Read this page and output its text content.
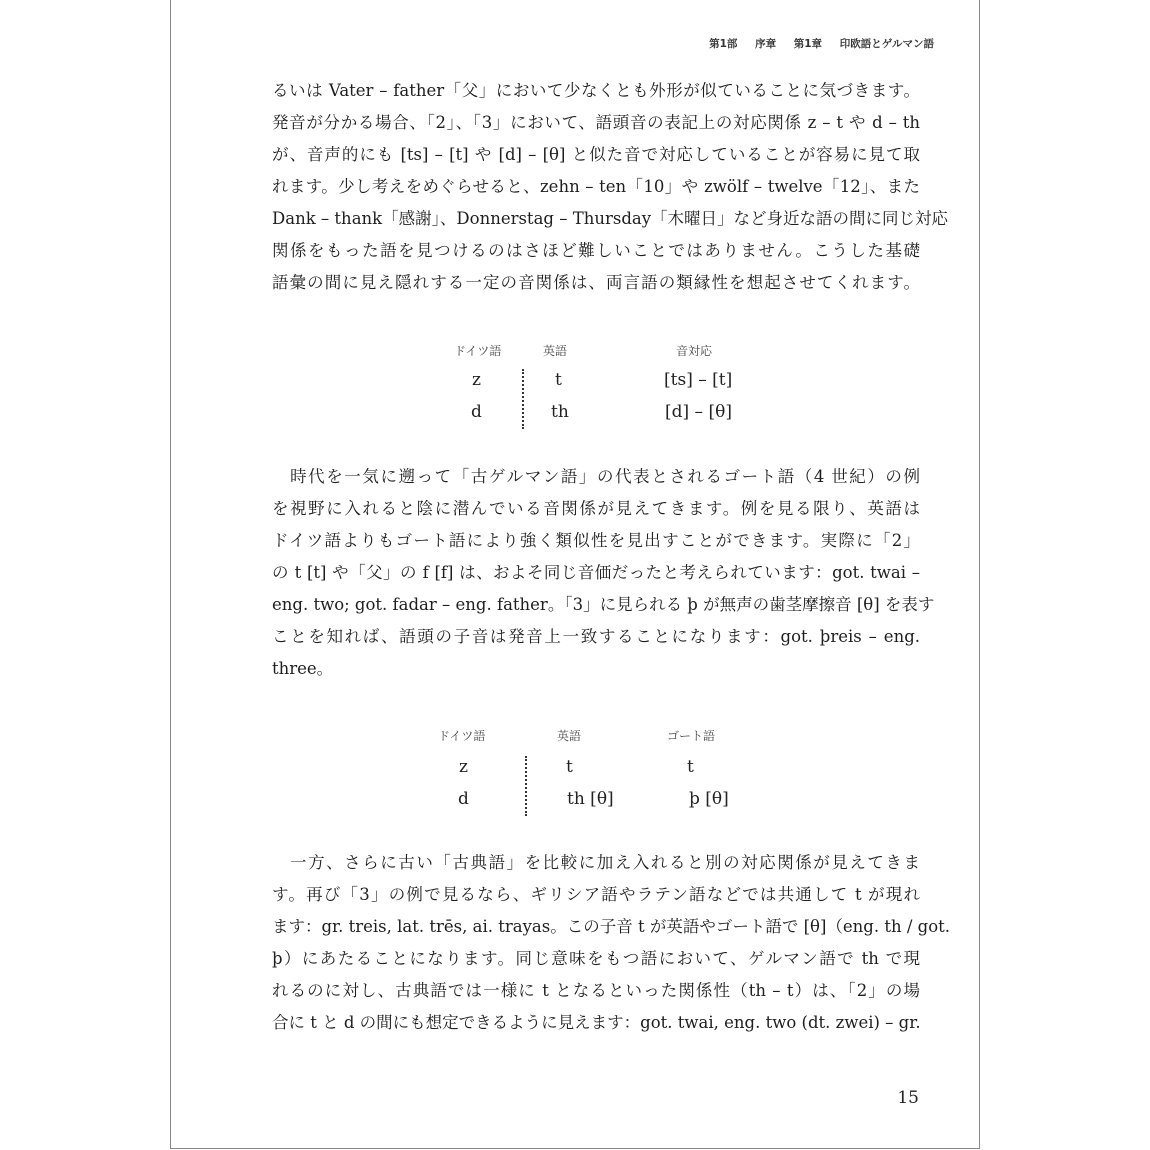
第1部 序章 第1章 印欧語とゲルマン語
るいは Vater – father「父」において少なくとも外形が似ていることに気づきます。
発音が分かる場合、「2」、「3」において、語頭音の表記上の対応関係 z – t や d – th
が、音声的にも [ts] – [t] や [d] – [θ] と似た音で対応していることが容易に見て取
れます。少し考えをめぐらせると、zehn – ten「10」や zwölf – twelve「12」、また
Dank – thank「感謝」、Donnerstag – Thursday「木曜日」など身近な語の間に同じ対応
関係をもった語を見つけるのはさほど難しいことではありません。こうした基礎
語彙の間に見え隠れする一定の音関係は、両言語の類縁性を想起させてくれます。
ドイツ語	英語	音対応
z	t	[ts] – [t]
d	th	[d] – [θ]
　時代を一気に遡って「古ゲルマン語」の代表とされるゴート語（4 世紀）の例
を視野に入れると陰に潜んでいる音関係が見えてきます。例を見る限り、英語は
ドイツ語よりもゴート語により強く類似性を見出すことができます。実際に「2」
の t [t] や「父」の f [f] は、およそ同じ音価だったと考えられています：got. twai –
eng. two; got. fadar – eng. father。「3」に見られる þ が無声の歯茎摩擦音 [θ] を表す
ことを知れば、語頭の子音は発音上一致することになります：got. þreis – eng.
three。
ドイツ語	英語	ゴート語
z	t	t
d	th [θ]	þ [θ]
　一方、さらに古い「古典語」を比較に加え入れると別の対応関係が見えてきま
す。再び「3」の例で見るなら、ギリシア語やラテン語などでは共通して t が現れ
ます：gr. treis, lat. trēs, ai. trayas。この子音 t が英語やゴート語で [θ]（eng. th / got.
þ）にあたることになります。同じ意味をもつ語において、ゲルマン語で th で現
れるのに対し、古典語では一様に t となるといった関係性（th – t）は、「2」の場
合に t と d の間にも想定できるように見えます：got. twai, eng. two (dt. zwei) – gr.
15
